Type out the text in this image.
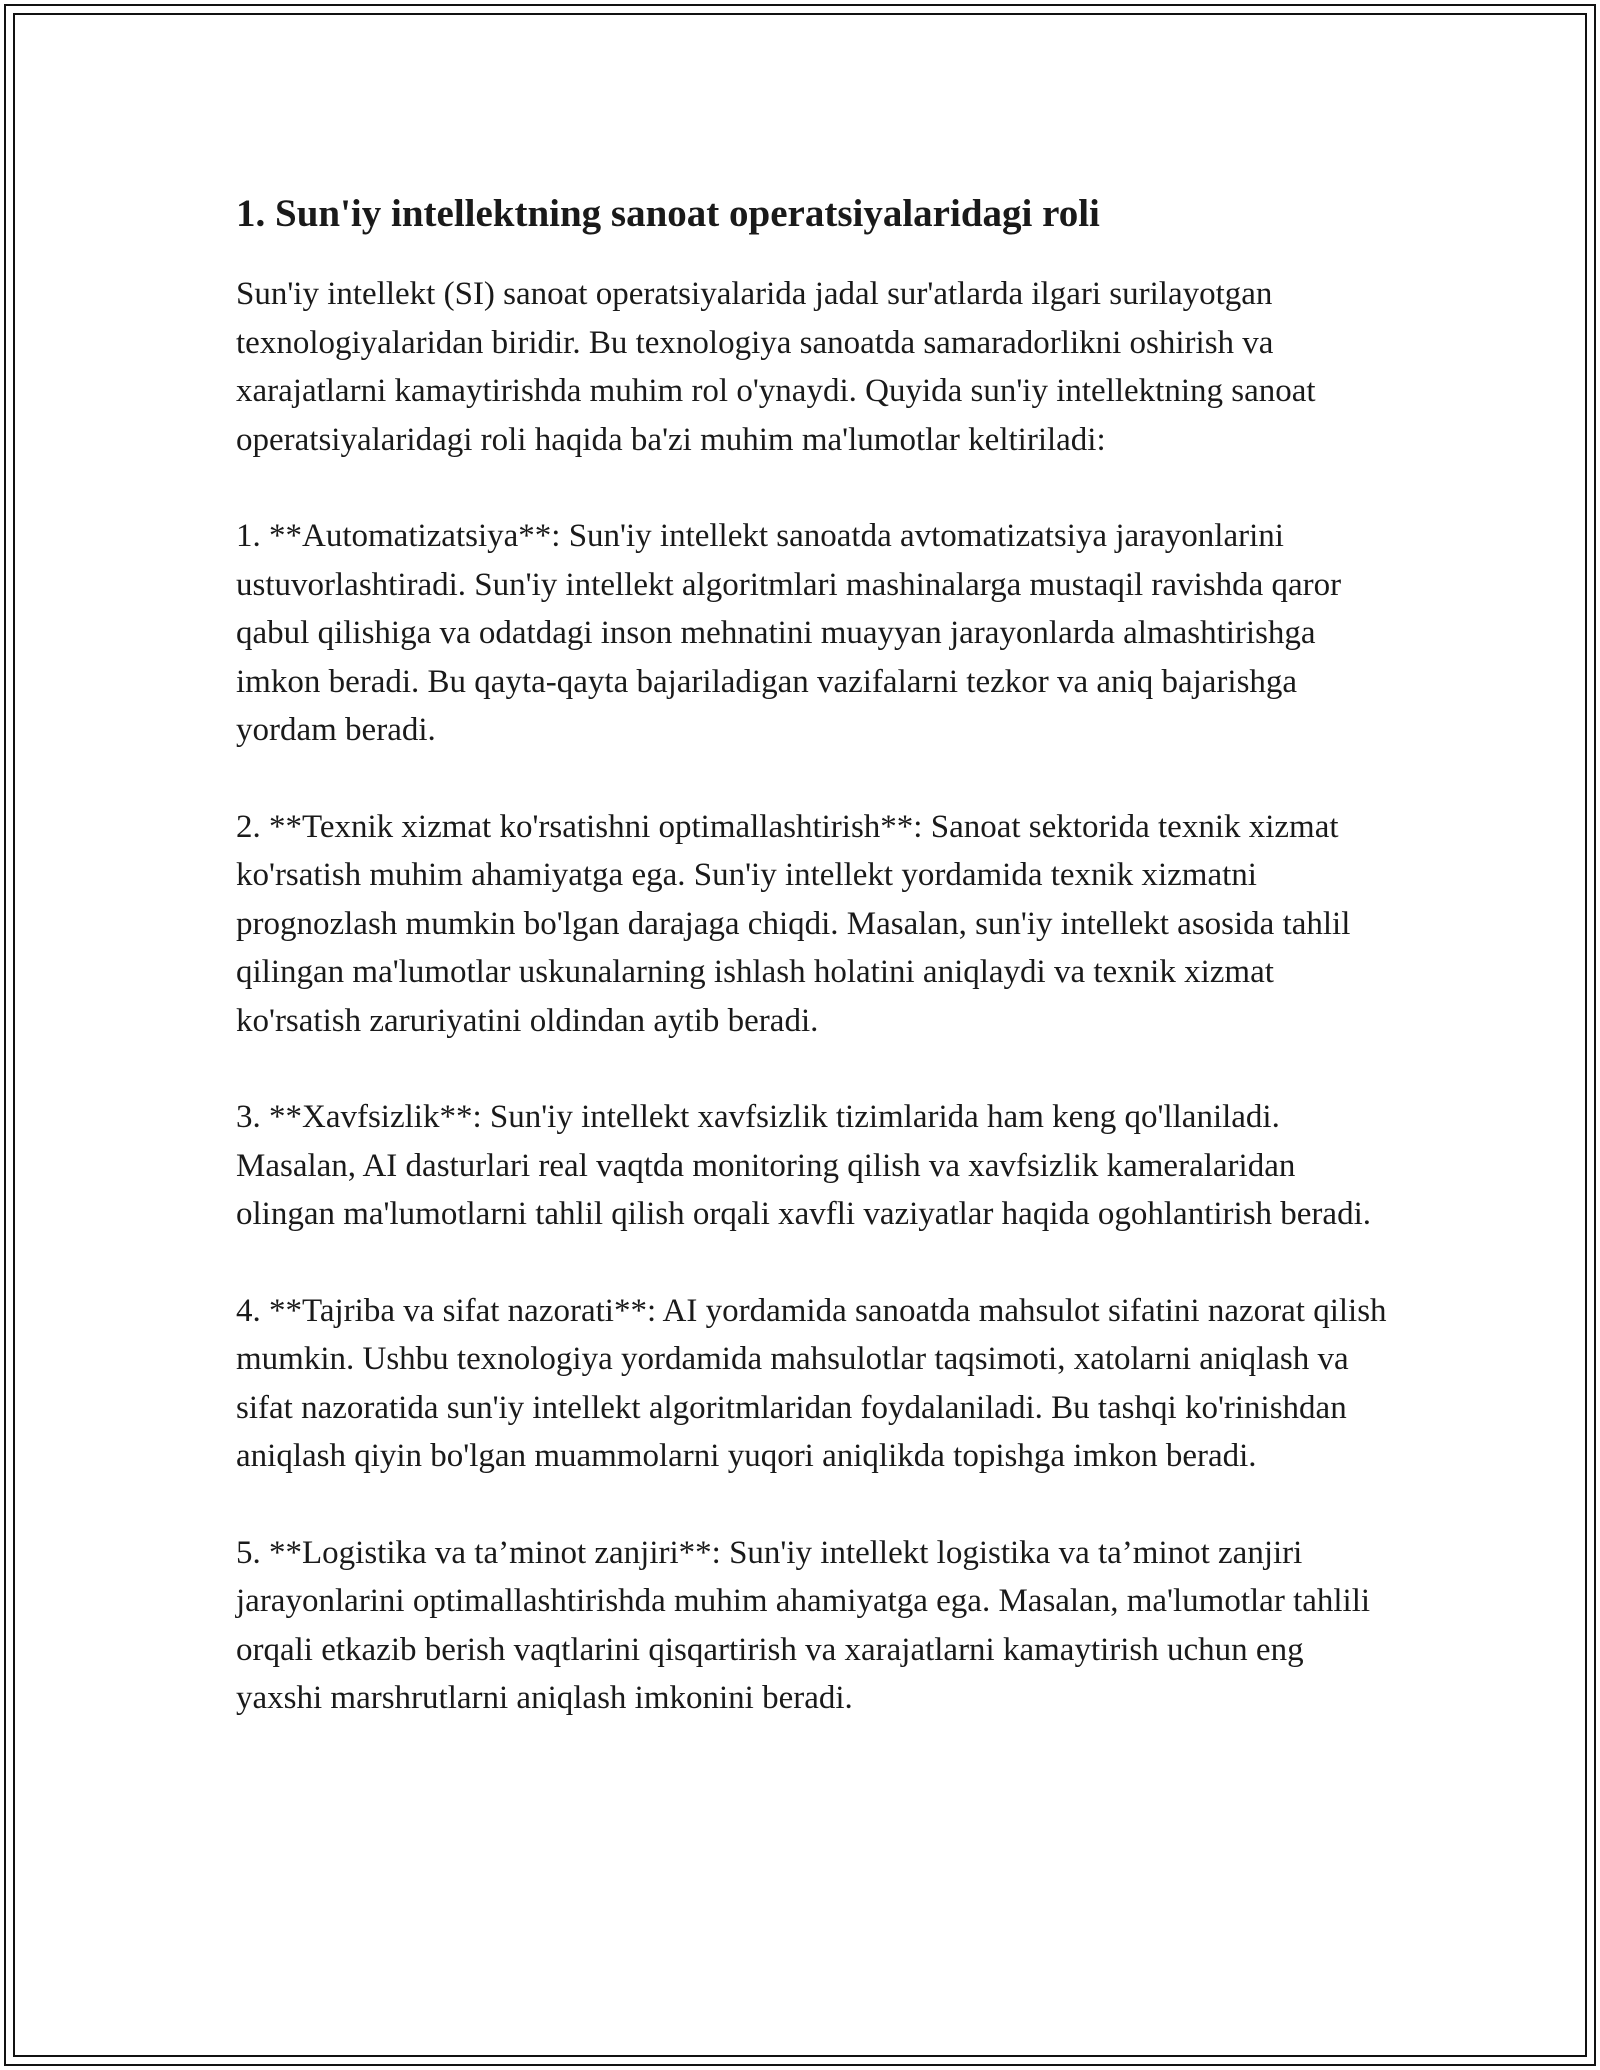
1. Sun'iy intellektning sanoat operatsiyalaridagi roli

Sun'iy intellekt (SI) sanoat operatsiyalarida jadal sur'atlarda ilgari surilayotgan texnologiyalaridan biridir. Bu texnologiya sanoatda samaradorlikni oshirish va xarajatlarni kamaytirishda muhim rol o'ynaydi. Quyida sun'iy intellektning sanoat operatsiyalaridagi roli haqida ba'zi muhim ma'lumotlar keltiriladi:

1. **Automatizatsiya**: Sun'iy intellekt sanoatda avtomatizatsiya jarayonlarini ustuvorlashtiradi. Sun'iy intellekt algoritmlari mashinalarga mustaqil ravishda qaror qabul qilishiga va odatdagi inson mehnatini muayyan jarayonlarda almashtirishga imkon beradi. Bu qayta-qayta bajariladigan vazifalarni tezkor va aniq bajarishga yordam beradi.

2. **Texnik xizmat ko'rsatishni optimallashtirish**: Sanoat sektorida texnik xizmat ko'rsatish muhim ahamiyatga ega. Sun'iy intellekt yordamida texnik xizmatni prognozlash mumkin bo'lgan darajaga chiqdi. Masalan, sun'iy intellekt asosida tahlil qilingan ma'lumotlar uskunalarning ishlash holatini aniqlaydi va texnik xizmat ko'rsatish zaruriyatini oldindan aytib beradi.

3. **Xavfsizlik**: Sun'iy intellekt xavfsizlik tizimlarida ham keng qo'llaniladi. Masalan, AI dasturlari real vaqtda monitoring qilish va xavfsizlik kameralaridan olingan ma'lumotlarni tahlil qilish orqali xavfli vaziyatlar haqida ogohlantirish beradi.

4. **Tajriba va sifat nazorati**: AI yordamida sanoatda mahsulot sifatini nazorat qilish mumkin. Ushbu texnologiya yordamida mahsulotlar taqsimoti, xatolarni aniqlash va sifat nazoratida sun'iy intellekt algoritmlaridan foydalaniladi. Bu tashqi ko'rinishdan aniqlash qiyin bo'lgan muammolarni yuqori aniqlikda topishga imkon beradi.

5. **Logistika va ta’minot zanjiri**: Sun'iy intellekt logistika va ta’minot zanjiri jarayonlarini optimallashtirishda muhim ahamiyatga ega. Masalan, ma'lumotlar tahlili orqali etkazib berish vaqtlarini qisqartirish va xarajatlarni kamaytirish uchun eng yaxshi marshrutlarni aniqlash imkonini beradi.
